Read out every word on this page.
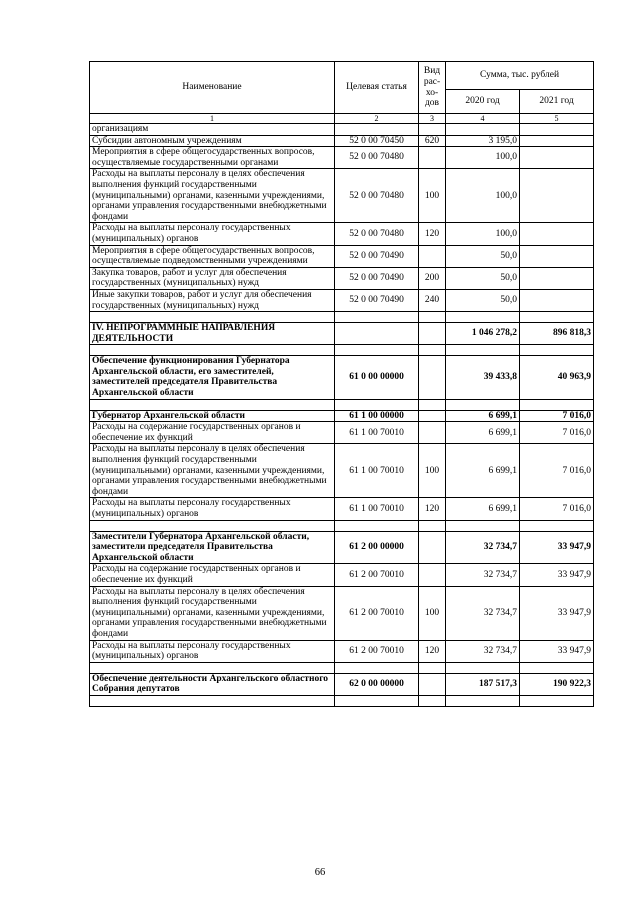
Наименование	Целевая статья	Вид рас-хо-дов	Сумма, тыс. рублей	
			2020 год	2021 год
1	2	3	4	5
организациям				
Субсидии автономным учреждениям	52 0 00 70450	620	3 195,0	
Мероприятия в сфере общегосударственных вопросов, осуществляемые государственными органами	52 0 00 70480		100,0	
Расходы на выплаты персоналу в целях обеспечения выполнения функций государственными (муниципальными) органами, казенными учреждениями, органами управления государственными внебюджетными фондами	52 0 00 70480	100	100,0	
Расходы на выплаты персоналу государственных (муниципальных) органов	52 0 00 70480	120	100,0	
Мероприятия в сфере общегосударственных вопросов, осуществляемые подведомственными учреждениями	52 0 00 70490		50,0	
Закупка товаров, работ и услуг для обеспечения государственных (муниципальных) нужд	52 0 00 70490	200	50,0	
Иные закупки товаров, работ и услуг для обеспечения государственных (муниципальных) нужд	52 0 00 70490	240	50,0	

IV. НЕПРОГРАММНЫЕ НАПРАВЛЕНИЯ ДЕЯТЕЛЬНОСТИ			1 046 278,2	896 818,3

Обеспечение функционирования Губернатора Архангельской области, его заместителей, заместителей председателя Правительства Архангельской области	61 0 00 00000		39 433,8	40 963,9

Губернатор Архангельской области	61 1 00 00000		6 699,1	7 016,0
Расходы на содержание государственных органов и обеспечение их функций	61 1 00 70010		6 699,1	7 016,0
Расходы на выплаты персоналу в целях обеспечения выполнения функций государственными (муниципальными) органами, казенными учреждениями, органами управления государственными внебюджетными фондами	61 1 00 70010	100	6 699,1	7 016,0
Расходы на выплаты персоналу государственных (муниципальных) органов	61 1 00 70010	120	6 699,1	7 016,0

Заместители Губернатора Архангельской области, заместители председателя Правительства Архангельской области	61 2 00 00000		32 734,7	33 947,9
Расходы на содержание государственных органов и обеспечение их функций	61 2 00 70010		32 734,7	33 947,9
Расходы на выплаты персоналу в целях обеспечения выполнения функций государственными (муниципальными) органами, казенными учреждениями, органами управления государственными внебюджетными фондами	61 2 00 70010	100	32 734,7	33 947,9
Расходы на выплаты персоналу государственных (муниципальных) органов	61 2 00 70010	120	32 734,7	33 947,9

Обеспечение деятельности Архангельского областного Собрания депутатов	62 0 00 00000		187 517,3	190 922,3

66
